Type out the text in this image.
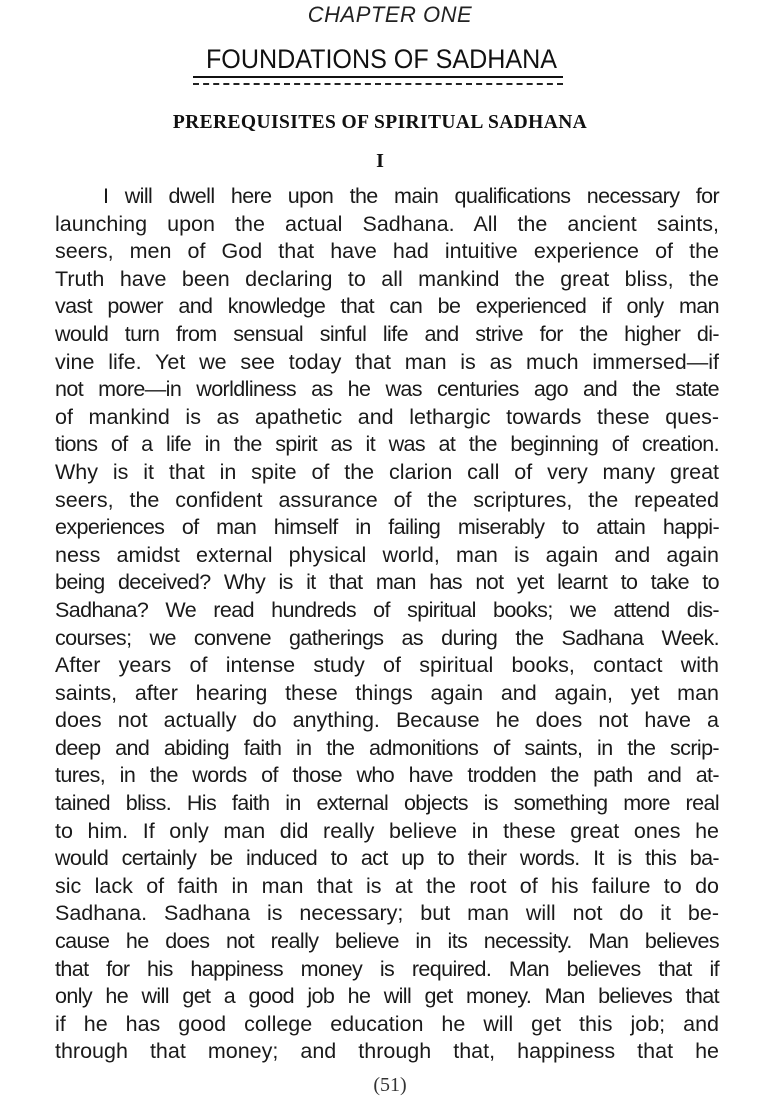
CHAPTER ONE
FOUNDATIONS OF SADHANA
PREREQUISITES OF SPIRITUAL SADHANA
I
I will dwell here upon the main qualifications necessary for
launching upon the actual Sadhana. All the ancient saints,
seers, men of God that have had intuitive experience of the
Truth have been declaring to all mankind the great bliss, the
vast power and knowledge that can be experienced if only man
would turn from sensual sinful life and strive for the higher di-
vine life. Yet we see today that man is as much immersed—if
not more—in worldliness as he was centuries ago and the state
of mankind is as apathetic and lethargic towards these ques-
tions of a life in the spirit as it was at the beginning of creation.
Why is it that in spite of the clarion call of very many great
seers, the confident assurance of the scriptures, the repeated
experiences of man himself in failing miserably to attain happi-
ness amidst external physical world, man is again and again
being deceived? Why is it that man has not yet learnt to take to
Sadhana? We read hundreds of spiritual books; we attend dis-
courses; we convene gatherings as during the Sadhana Week.
After years of intense study of spiritual books, contact with
saints, after hearing these things again and again, yet man
does not actually do anything. Because he does not have a
deep and abiding faith in the admonitions of saints, in the scrip-
tures, in the words of those who have trodden the path and at-
tained bliss. His faith in external objects is something more real
to him. If only man did really believe in these great ones he
would certainly be induced to act up to their words. It is this ba-
sic lack of faith in man that is at the root of his failure to do
Sadhana. Sadhana is necessary; but man will not do it be-
cause he does not really believe in its necessity. Man believes
that for his happiness money is required. Man believes that if
only he will get a good job he will get money. Man believes that
if he has good college education he will get this job; and
through that money; and through that, happiness that he
(51)
